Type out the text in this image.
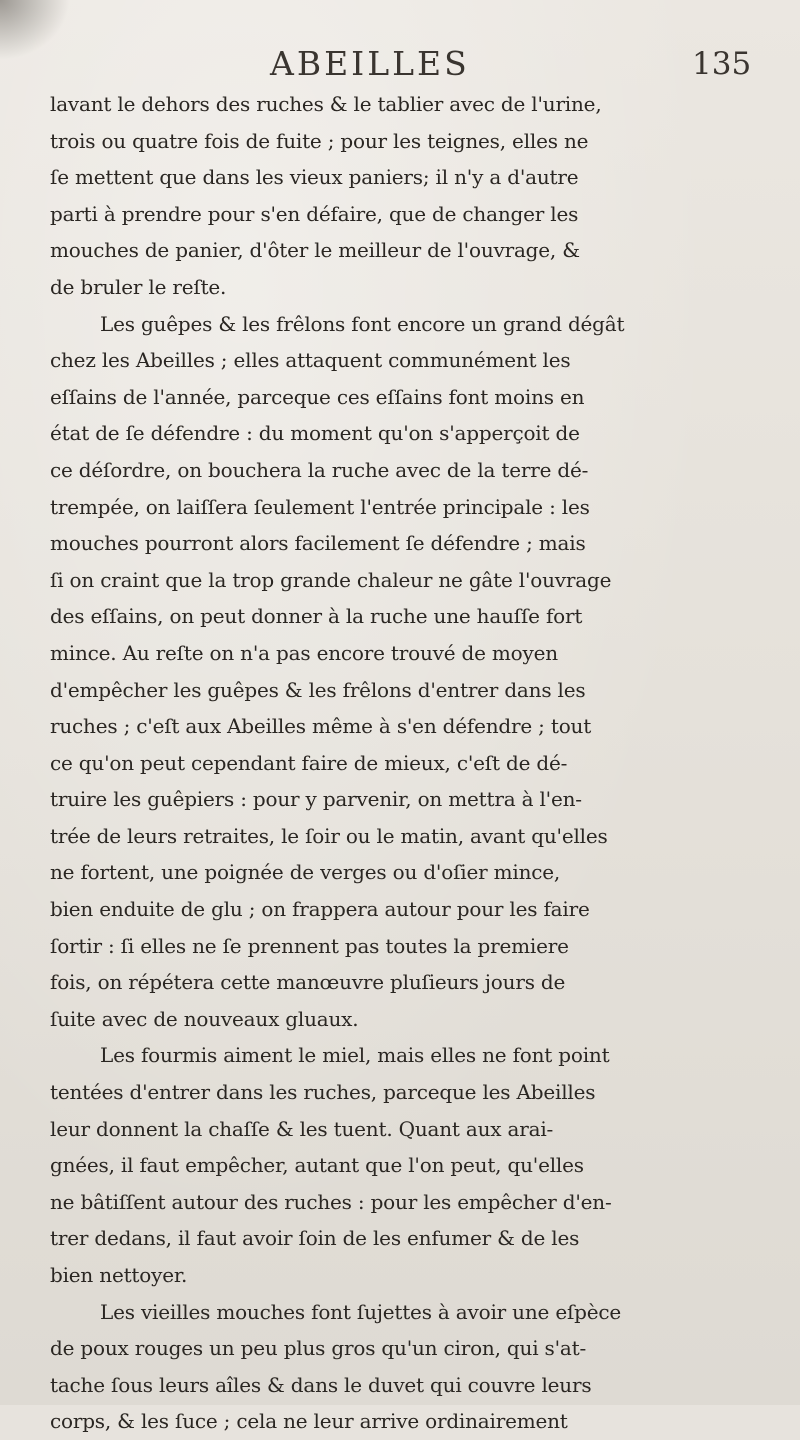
ABEILLES	135
lavant le dehors des ruches & le tablier avec de l'urine,
trois ou quatre fois de fuite ; pour les teignes, elles ne
ſe mettent que dans les vieux paniers; il n'y a d'autre
parti à prendre pour s'en défaire, que de changer les
mouches de panier, d'ôter le meilleur de l'ouvrage, &
de bruler le reſte.
Les guêpes & les frêlons font encore un grand dégât
chez les Abeilles ; elles attaquent communément les
eſſains de l'année, parceque ces eſſains font moins en
état de ſe défendre : du moment qu'on s'apperçoit de
ce déſordre, on bouchera la ruche avec de la terre dé-
trempée, on laiſſera ſeulement l'entrée principale : les
mouches pourront alors facilement ſe défendre ; mais
ſi on craint que la trop grande chaleur ne gâte l'ouvrage
des eſſains, on peut donner à la ruche une hauſſe fort
mince. Au reſte on n'a pas encore trouvé de moyen
d'empêcher les guêpes & les frêlons d'entrer dans les
ruches ; c'eſt aux Abeilles même à s'en défendre ; tout
ce qu'on peut cependant faire de mieux, c'eſt de dé-
truire les guêpiers : pour y parvenir, on mettra à l'en-
trée de leurs retraites, le ſoir ou le matin, avant qu'elles
ne fortent, une poignée de verges ou d'oſier mince,
bien enduite de glu ; on frappera autour pour les faire
ſortir : ſi elles ne ſe prennent pas toutes la premiere
fois, on répétera cette manœuvre pluſieurs jours de
ſuite avec de nouveaux gluaux.
Les fourmis aiment le miel, mais elles ne font point
tentées d'entrer dans les ruches, parceque les Abeilles
leur donnent la chaſſe & les tuent. Quant aux arai-
gnées, il faut empêcher, autant que l'on peut, qu'elles
ne bâtiſſent autour des ruches : pour les empêcher d'en-
trer dedans, il faut avoir ſoin de les enfumer & de les
bien nettoyer.
Les vieilles mouches font ſujettes à avoir une eſpèce
de poux rouges un peu plus gros qu'un ciron, qui s'at-
tache ſous leurs aîles & dans le duvet qui couvre leurs
corps, & les ſuce ; cela ne leur arrive ordinairement
